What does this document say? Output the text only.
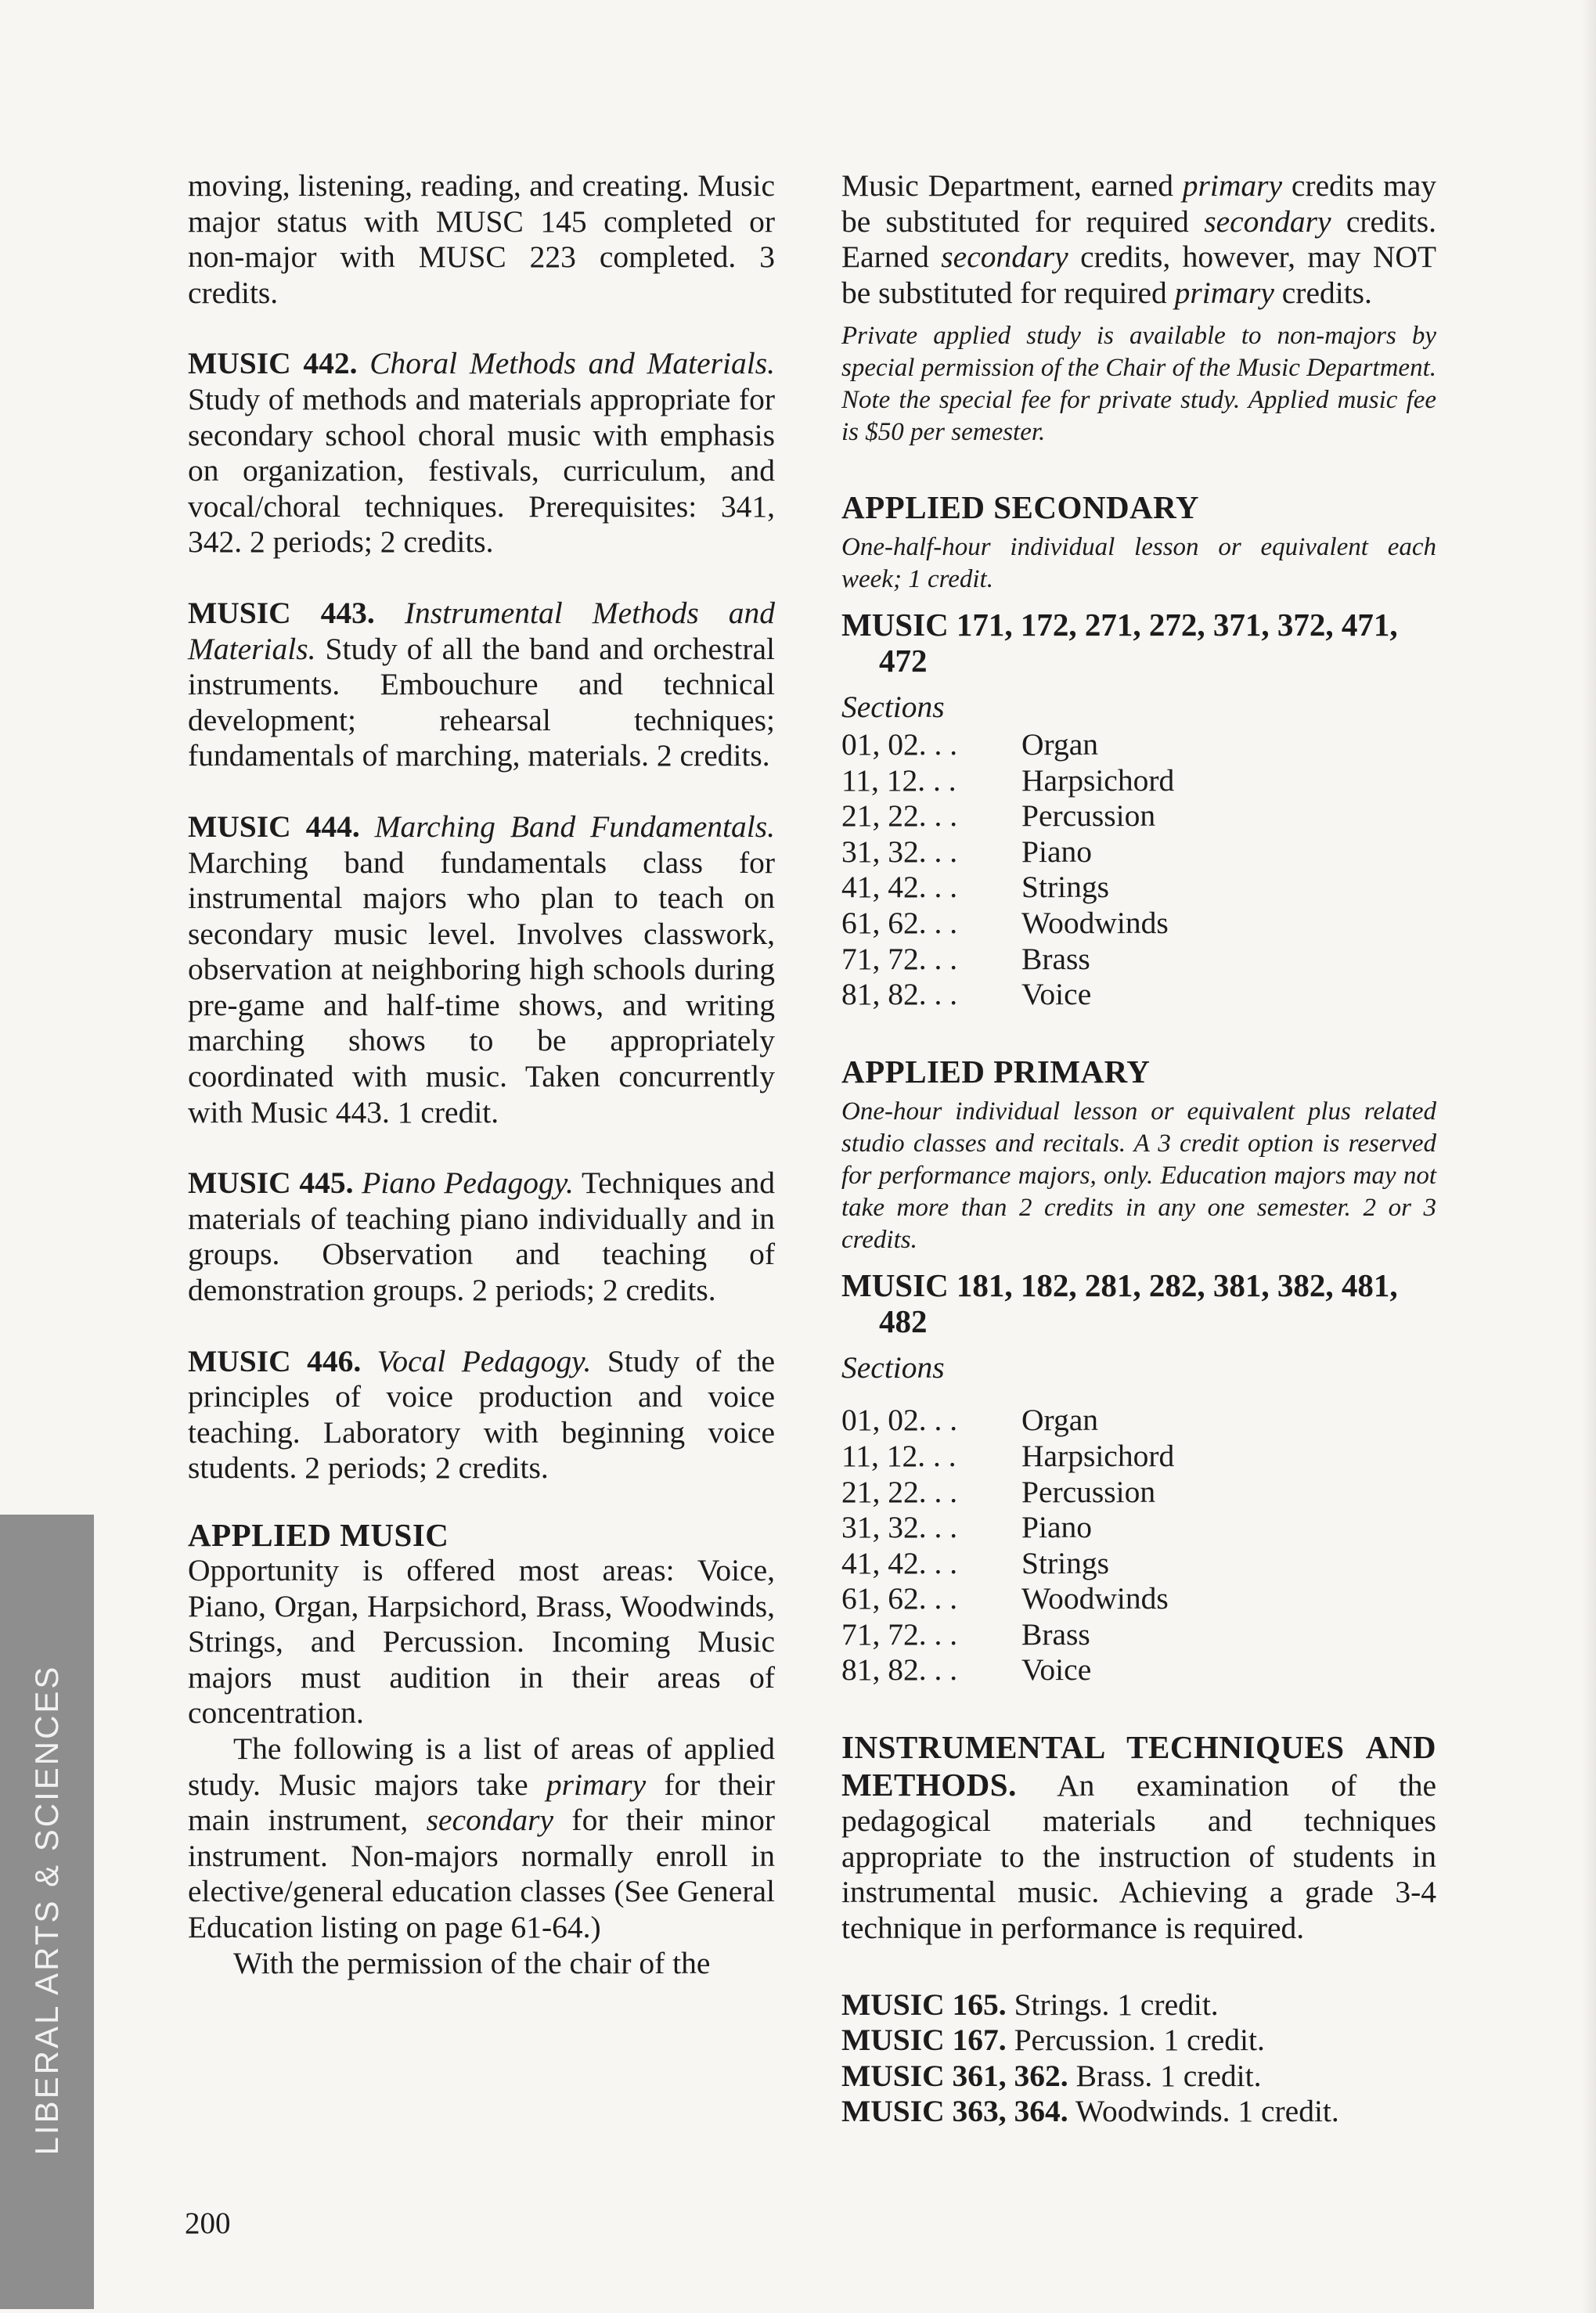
LIBERAL ARTS & SCIENCES

moving, listening, reading, and creating. Music major status with MUSC 145 completed or non-major with MUSC 223 completed. 3 credits.

MUSIC 442. Choral Methods and Materials. Study of methods and materials appropriate for secondary school choral music with emphasis on organization, festivals, curriculum, and vocal/choral techniques. Prerequisites: 341, 342. 2 periods; 2 credits.

MUSIC 443. Instrumental Methods and Materials. Study of all the band and orchestral instruments. Embouchure and technical development; rehearsal techniques; fundamentals of marching, materials. 2 credits.

MUSIC 444. Marching Band Fundamentals. Marching band fundamentals class for instrumental majors who plan to teach on secondary music level. Involves classwork, observation at neighboring high schools during pre-game and half-time shows, and writing marching shows to be appropriately coordinated with music. Taken concurrently with Music 443. 1 credit.

MUSIC 445. Piano Pedagogy. Techniques and materials of teaching piano individually and in groups. Observation and teaching of demonstration groups. 2 periods; 2 credits.

MUSIC 446. Vocal Pedagogy. Study of the principles of voice production and voice teaching. Laboratory with beginning voice students. 2 periods; 2 credits.

APPLIED MUSIC

Opportunity is offered most areas: Voice, Piano, Organ, Harpsichord, Brass, Woodwinds, Strings, and Percussion. Incoming Music majors must audition in their areas of concentration.

The following is a list of areas of applied study. Music majors take primary for their main instrument, secondary for their minor instrument. Non-majors normally enroll in elective/general education classes (See General Education listing on page 61-64.)

With the permission of the chair of the

Music Department, earned primary credits may be substituted for required secondary credits. Earned secondary credits, however, may NOT be substituted for required primary credits.

Private applied study is available to non-majors by special permission of the Chair of the Music Department. Note the special fee for private study. Applied music fee is $50 per semester.

APPLIED SECONDARY

One-half-hour individual lesson or equivalent each week; 1 credit.

MUSIC 171, 172, 271, 272, 371, 372, 471, 472
Sections
01, 02. . .	Organ
11, 12. . .	Harpsichord
21, 22. . .	Percussion
31, 32. . .	Piano
41, 42. . .	Strings
61, 62. . .	Woodwinds
71, 72. . .	Brass
81, 82. . .	Voice
APPLIED PRIMARY

One-hour individual lesson or equivalent plus related studio classes and recitals. A 3 credit option is reserved for performance majors, only. Education majors may not take more than 2 credits in any one semester. 2 or 3 credits.

MUSIC 181, 182, 281, 282, 381, 382, 481, 482
Sections
01, 02. . .	Organ
11, 12. . .	Harpsichord
21, 22. . .	Percussion
31, 32. . .	Piano
41, 42. . .	Strings
61, 62. . .	Woodwinds
71, 72. . .	Brass
81, 82. . .	Voice

INSTRUMENTAL TECHNIQUES AND METHODS. An examination of the pedagogical materials and techniques appropriate to the instruction of students in instrumental music. Achieving a grade 3-4 technique in performance is required.

MUSIC 165. Strings. 1 credit.

MUSIC 167. Percussion. 1 credit.

MUSIC 361, 362. Brass. 1 credit.

MUSIC 363, 364. Woodwinds. 1 credit.

200
